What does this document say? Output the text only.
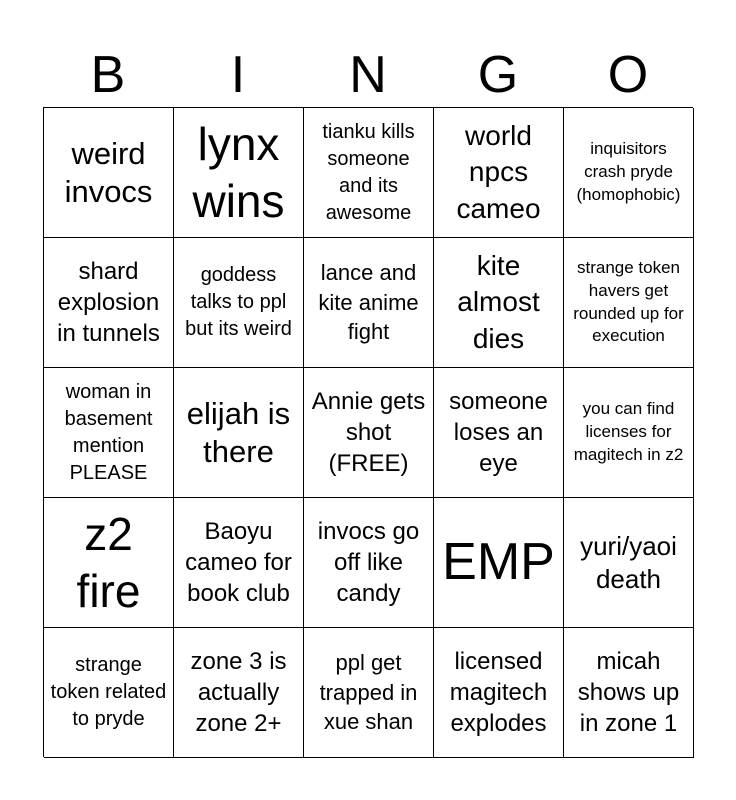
B	I	N	G	O
weird invocs
lynx wins
tianku kills someone and its awesome
world npcs cameo
inquisitors crash pryde (homophobic)
shard explosion in tunnels
goddess talks to ppl but its weird
lance and kite anime fight
kite almost dies
strange token havers get rounded up for execution
woman in basement mention PLEASE
elijah is there
Annie gets shot (FREE)
someone loses an eye
you can find licenses for magitech in z2
z2 fire
Baoyu cameo for book club
invocs go off like candy
EMP yuri/yaoi death
strange token related to pryde
zone 3 is actually zone 2+
ppl get trapped in xue shan
licensed magitech explodes
micah shows up in zone 1
